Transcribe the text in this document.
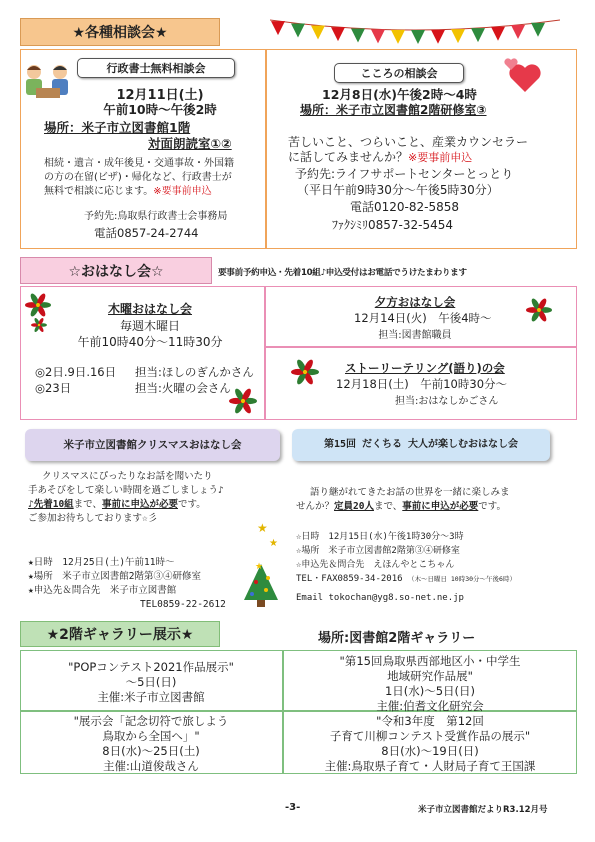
★各種相談会★
行政書士無料相談会
12月11日(土)
午前10時〜午後2時
場所：米子市立図書館1階
対面朗読室①②
相続・遺言・成年後見・交通事故・外国籍
の方の在留(ビザ)・帰化など、行政書士が
無料で相談に応じます。※要事前申込
予約先:鳥取県行政書士会事務局
電話0857-24-2744
こころの相談会
12月8日(水)午後2時〜4時
場所：米子市立図書館2階研修室③
苦しいこと、つらいこと、産業カウンセラー
に話してみませんか？※要事前申込
予約先:ライフサポートセンターとっとり
（平日午前9時30分〜午後5時30分）
電話0120-82-5858
ﾌｧｸｼﾐﾘ0857-32-5454
☆おはなし会☆	要事前予約申込・先着10組♪申込受付はお電話でうけたまわります
木曜おはなし会
毎週木曜日
午前10時40分〜11時30分
◎2日.9日.16日 担当:ほしのぎんかさん
◎23日	担当:火曜の会さん
夕方おはなし会
12月14日(火)　午後4時〜
担当:図書館職員
ストーリーテリング(語り)の会
12月18日(土)　午前10時30分〜
担当:おはなしかごさん
米子市立図書館クリスマスおはなし会	第15回 だくちる 大人が楽しむおはなし会
クリスマスにぴったりなお話を聞いたり
手あそびをして楽しい時間を過ごしましょう♪
♪先着10組まで、事前に申込が必要です。
ご参加お待ちしております☆彡
★
★
★日時　12月25日(土)午前11時〜
★場所　米子市立図書館2階第③④研修室
★申込先＆問合先　米子市立図書館
TEL0859-22-2612
★
語り継がれてきたお話の世界を一緒に楽しみま
せんか？定員20人まで、事前に申込が必要です。
☆日時　12月15日(水)午後1時30分〜3時
☆場所　米子市立図書館2階第③④研修室
☆申込先＆問合先　えほんやとこちゃん
TEL・FAX0859-34-2016 （木〜日曜日 10時30分〜午後6時）
Email tokochan@yg8.so-net.ne.jp
★2階ギャラリー展示★	場所:図書館2階ギャラリー
"POPコンテスト2021作品展示"
〜5日(日)
主催:米子市立図書館
"第15回鳥取県西部地区小・中学生
地域研究作品展"
1日(水)〜5日(日)
主催:伯耆文化研究会
"展示会「記念切符で旅しよう
鳥取から全国へ」"
8日(水)〜25日(土)
主催:山道俊哉さん
"令和3年度　第12回
子育て川柳コンテスト受賞作品の展示"
8日(水)〜19日(日)
主催:鳥取県子育て・人財局子育て王国課
-3-	米子市立図書館だよりR3.12月号
